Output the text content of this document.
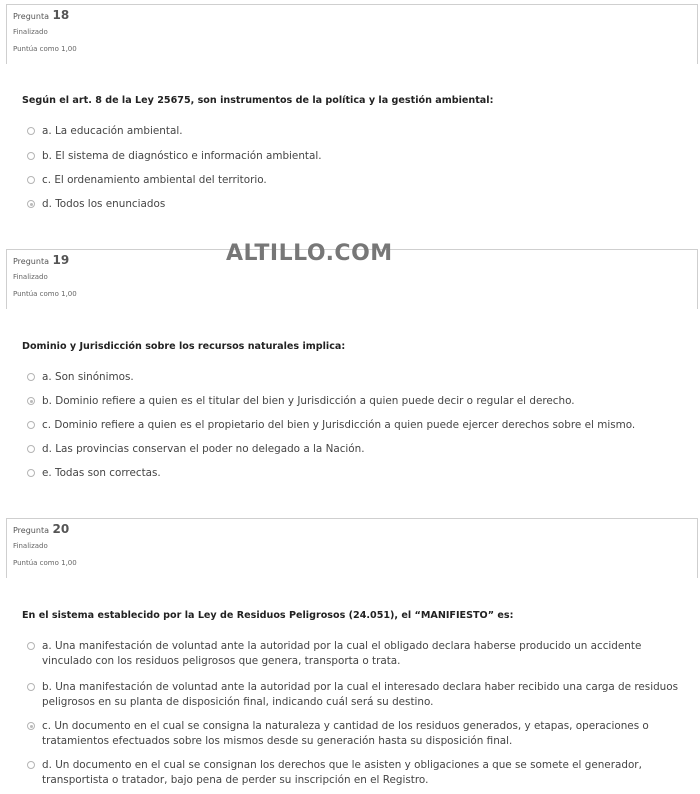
Pregunta 18
Finalizado
Puntúa como 1,00
Según el art. 8 de la Ley 25675, son instrumentos de la política y la gestión ambiental:
a. La educación ambiental.
b. El sistema de diagnóstico e información ambiental.
c. El ordenamiento ambiental del territorio.
d. Todos los enunciados
Pregunta 19
Finalizado
Puntúa como 1,00
ALTILLO.COM
Dominio y Jurisdicción sobre los recursos naturales implica:
a. Son sinónimos.
b. Dominio refiere a quien es el titular del bien y Jurisdicción a quien puede decir o regular el derecho.
c. Dominio refiere a quien es el propietario del bien y Jurisdicción a quien puede ejercer derechos sobre el mismo.
d. Las provincias conservan el poder no delegado a la Nación.
e. Todas son correctas.
Pregunta 20
Finalizado
Puntúa como 1,00
En el sistema establecido por la Ley de Residuos Peligrosos (24.051), el “MANIFIESTO” es:
a. Una manifestación de voluntad ante la autoridad por la cual el obligado declara haberse producido un accidente vinculado con los residuos peligrosos que genera, transporta o trata.
b. Una manifestación de voluntad ante la autoridad por la cual el interesado declara haber recibido una carga de residuos peligrosos en su planta de disposición final, indicando cuál será su destino.
c. Un documento en el cual se consigna la naturaleza y cantidad de los residuos generados, y etapas, operaciones o tratamientos efectuados sobre los mismos desde su generación hasta su disposición final.
d. Un documento en el cual se consignan los derechos que le asisten y obligaciones a que se somete el generador, transportista o tratador, bajo pena de perder su inscripción en el Registro.
